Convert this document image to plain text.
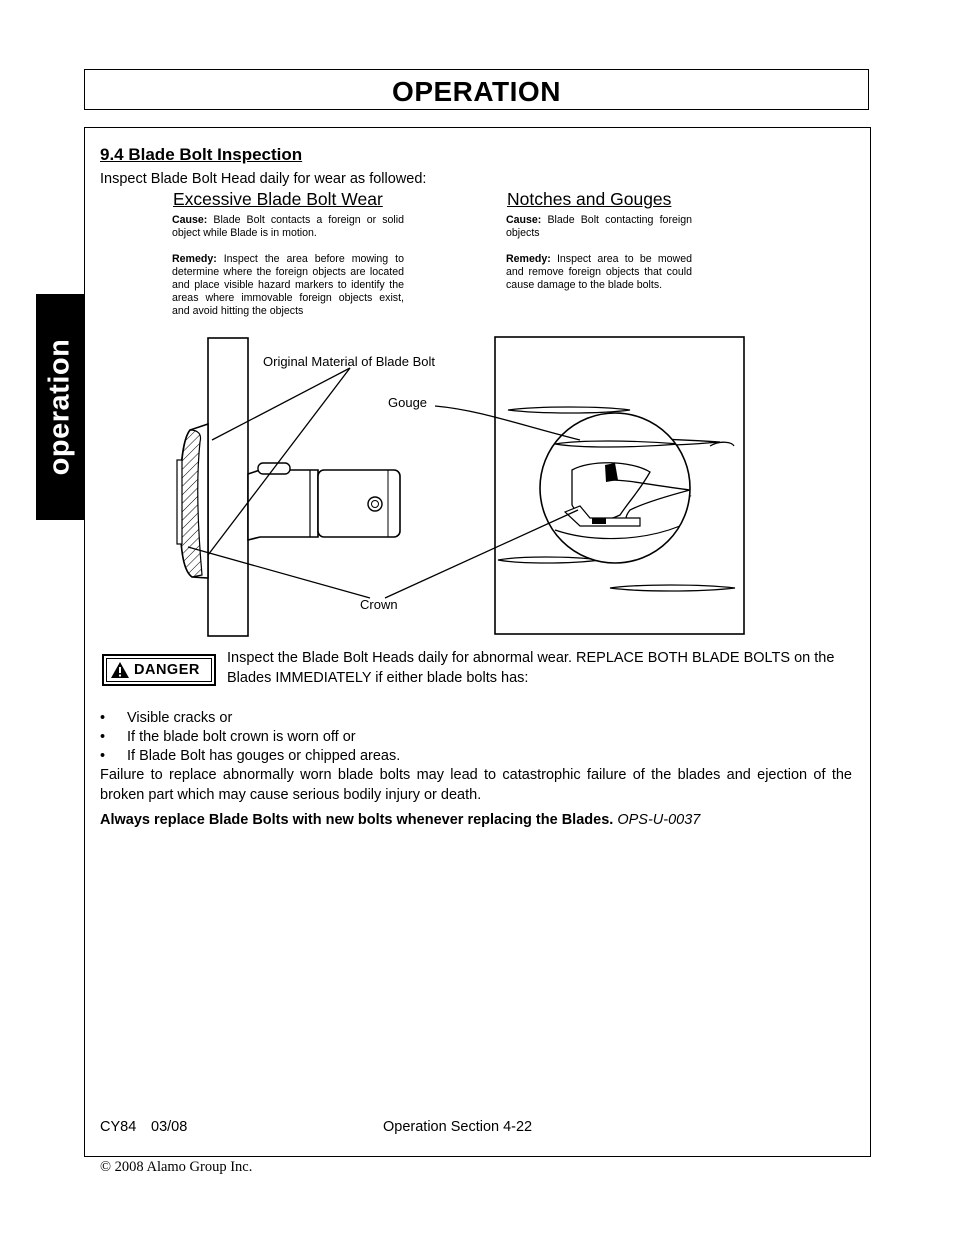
OPERATION
operation
9.4 Blade Bolt Inspection
Inspect Blade Bolt Head daily for wear as followed:
Excessive Blade Bolt Wear
Cause: Blade Bolt contacts a foreign or solid object while Blade is in motion.
Remedy: Inspect the area before mowing to determine where the foreign objects are located and place visible hazard markers to identify the areas where immovable foreign objects exist, and avoid hitting the objects
Notches and Gouges
Cause: Blade Bolt contacting foreign objects
Remedy: Inspect area to be mowed and remove foreign objects that could cause damage to the blade bolts.
Original Material of Blade Bolt
Gouge
Crown
DANGER
Inspect the Blade Bolt Heads daily for abnormal wear. REPLACE BOTH BLADE BOLTS on the Blades IMMEDIATELY if either blade bolts has:
• Visible cracks or
• If the blade bolt crown is worn off or
• If Blade Bolt has gouges or chipped areas.
Failure to replace abnormally worn blade bolts may lead to catastrophic failure of the blades and ejection of the broken part which may cause serious bodily injury or death.
Always replace Blade Bolts with new bolts whenever replacing the Blades. OPS-U-0037
CY84 03/08	Operation Section 4-22
© 2008 Alamo Group Inc.
